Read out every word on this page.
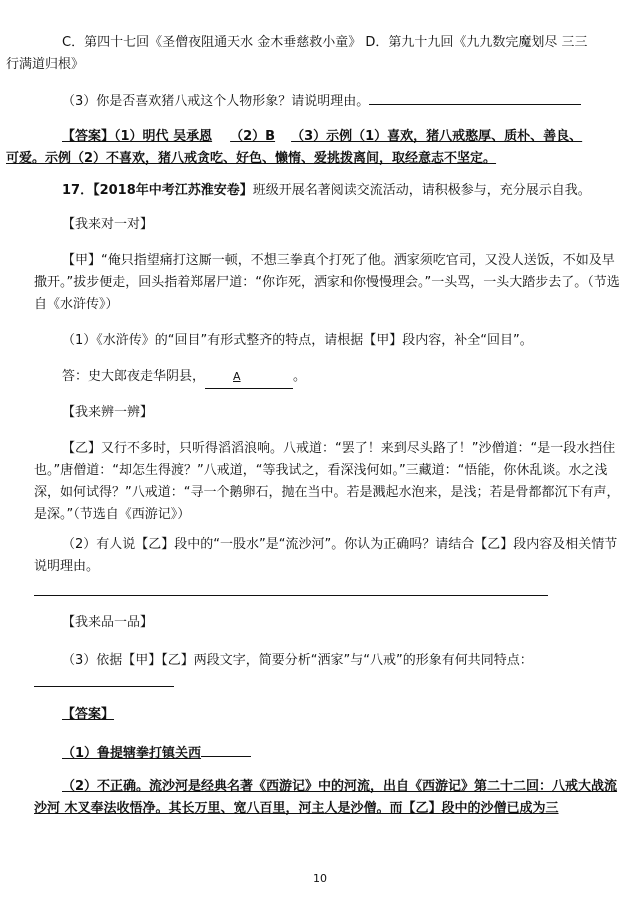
C．第四十七回《圣僧夜阻通天水 金木垂慈救小童》 D．第九十九回《九九数完魔划尽 三三
行满道归根》

（3）你是否喜欢猪八戒这个人物形象？请说明理由。

【答案】（1）明代 吴承恩 （2）B （3）示例（1）喜欢，猪八戒憨厚、质朴、善良、
可爱。示例（2）不喜欢，猪八戒贪吃、好色、懒惰、爱挑拨离间，取经意志不坚定。

17．【2018年中考江苏淮安卷】班级开展名著阅读交流活动，请积极参与，充分展示自我。

【我来对一对】

【甲】“俺只指望痛打这厮一顿，不想三拳真个打死了他。洒家须吃官司，又没人送饭，不如及早撒开。”拔步便走，回头指着郑屠尸道：“你诈死，洒家和你慢慢理会。”一头骂，一头大踏步去了。（节选自《水浒传》）

（1）《水浒传》的“回目”有形式整齐的特点，请根据【甲】段内容，补全“回目”。

答：史大郎夜走华阴县，	A	。

【我来辨一辨】

【乙】又行不多时，只听得滔滔浪响。八戒道：“罢了！来到尽头路了！”沙僧道：“是一段水挡住也。”唐僧道：“却怎生得渡？”八戒道，“等我试之，看深浅何如。”三藏道：“悟能，你休乱谈。水之浅深，如何试得？”八戒道：“寻一个鹅卵石，抛在当中。若是溅起水泡来，是浅；若是骨都都沉下有声，是深。”（节选自《西游记》）

（2）有人说【乙】段中的“一股水”是“流沙河”。你认为正确吗？请结合【乙】段内容及相关情节说明理由。

【我来品一品】

（3）依据【甲】【乙】两段文字，简要分析“洒家”与“八戒”的形象有何共同特点：

【答案】

（1）鲁提辖拳打镇关西

（2）不正确。流沙河是经典名著《西游记》中的河流，出自《西游记》第二十二回：八戒大战流沙河 木叉奉法收悟净。其长万里、宽八百里，河主人是沙僧。而【乙】段中的沙僧已成为三

10
